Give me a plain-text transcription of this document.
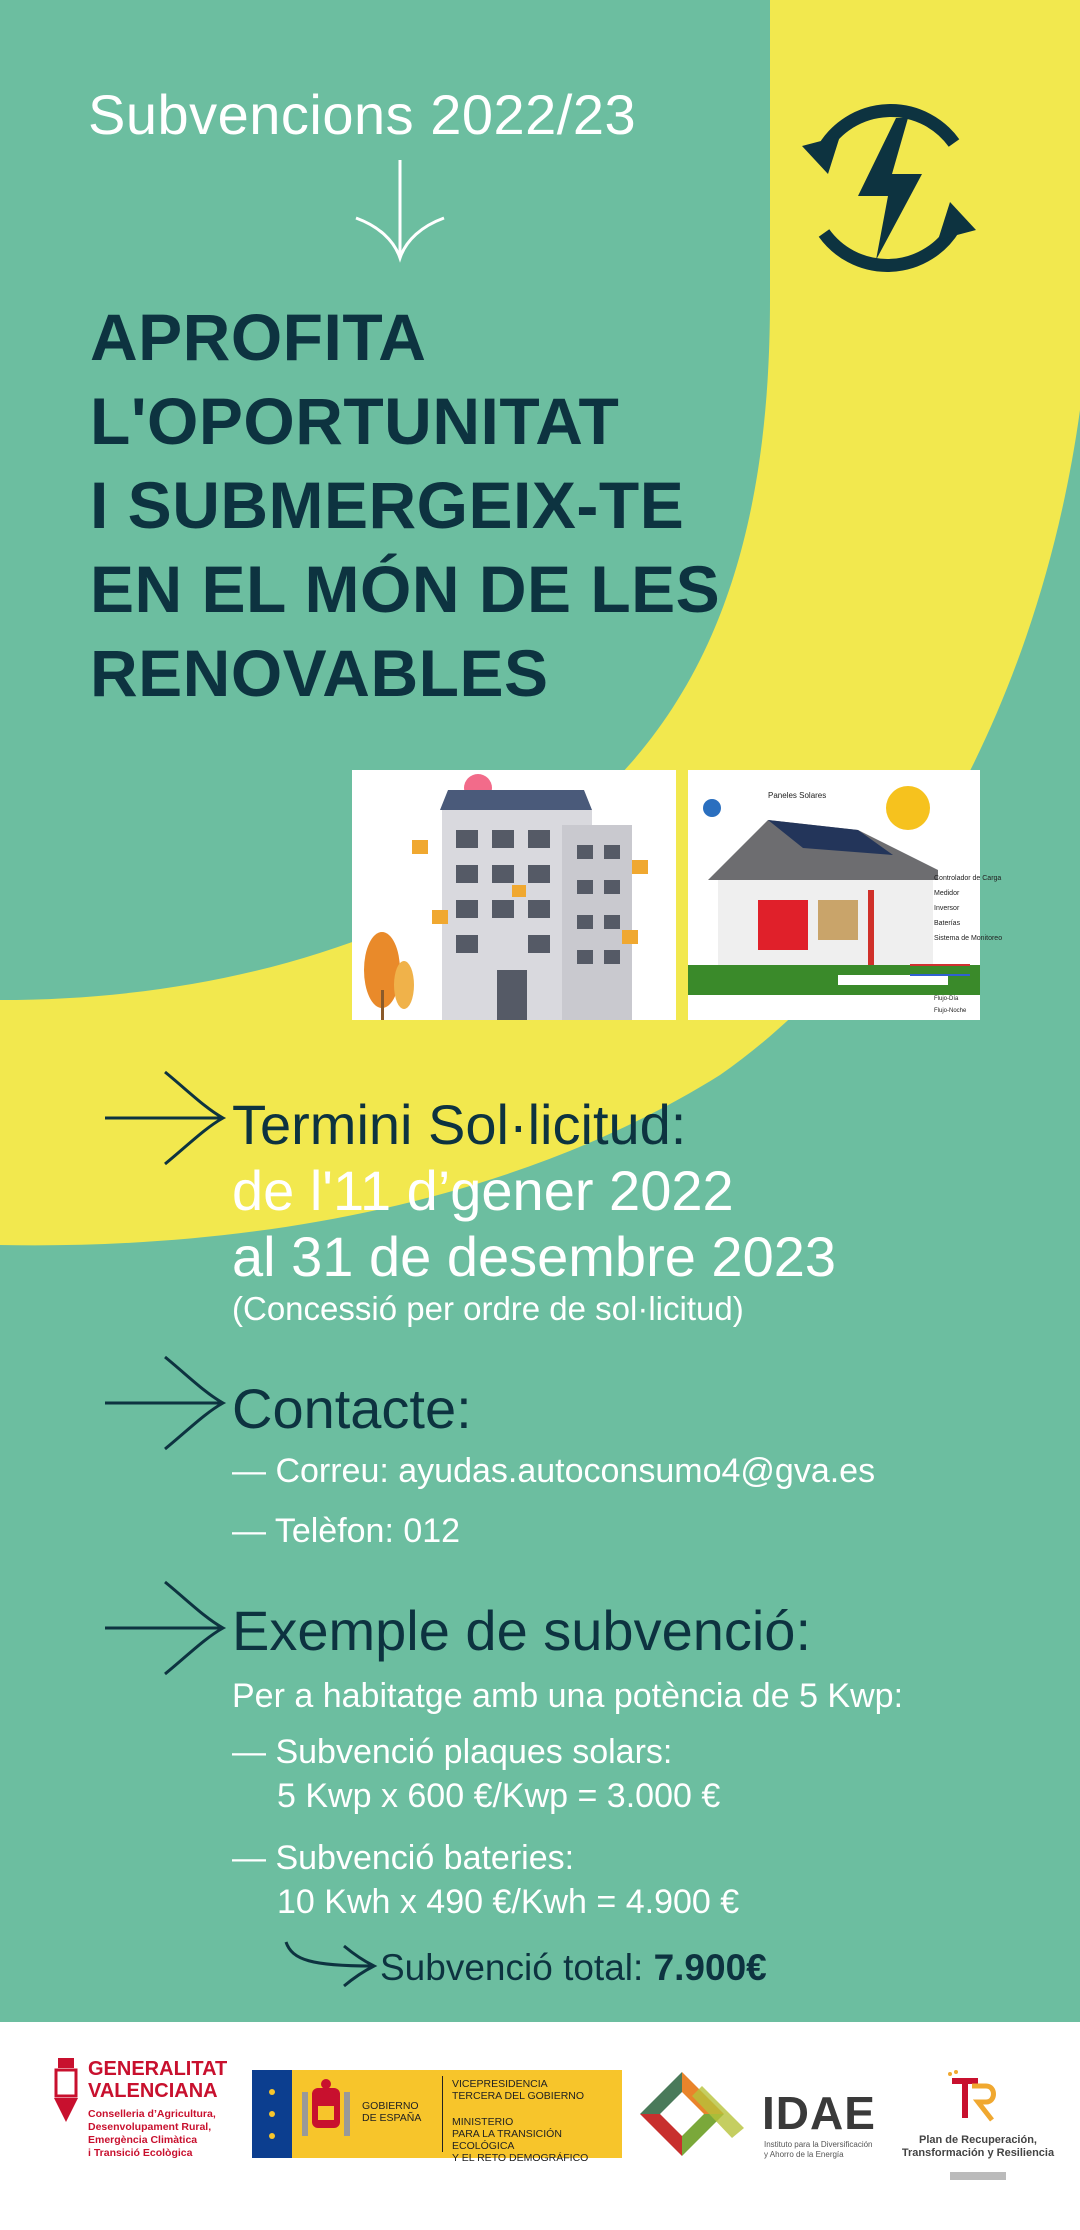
Subvencions 2022/23
APROFITA
L'OPORTUNITAT
I SUBMERGEIX-TE
EN EL MÓN DE LES
RENOVABLES
Paneles Solares
Controlador de Carga
Medidor
Inversor
Baterías
Sistema de Monitoreo
Flujo-Día
Flujo-Noche
Termini Sol·licitud:
de l'11 d’gener 2022
al 31 de desembre 2023
(Concessió per ordre de sol·licitud)
Contacte:
— Correu: ayudas.autoconsumo4@gva.es
— Telèfon: 012
Exemple de subvenció:
Per a habitatge amb una potència de 5 Kwp:
— Subvenció plaques solars:
5 Kwp x 600 €/Kwp = 3.000 €
— Subvenció bateries:
10 Kwh x 490 €/Kwh = 4.900 €
Subvenció total: 7.900€
GENERALITAT
VALENCIANA
Conselleria d’Agricultura,
Desenvolupament Rural,
Emergència Climàtica
i Transició Ecològica
GOBIERNO
DE ESPAÑA
VICEPRESIDENCIA
TERCERA DEL GOBIERNO
MINISTERIO
PARA LA TRANSICIÓN ECOLÓGICA
Y EL RETO DEMOGRÁFICO
IDAE
Instituto para la Diversificación
y Ahorro de la Energía
Plan de Recuperación,
Transformación y Resiliencia
